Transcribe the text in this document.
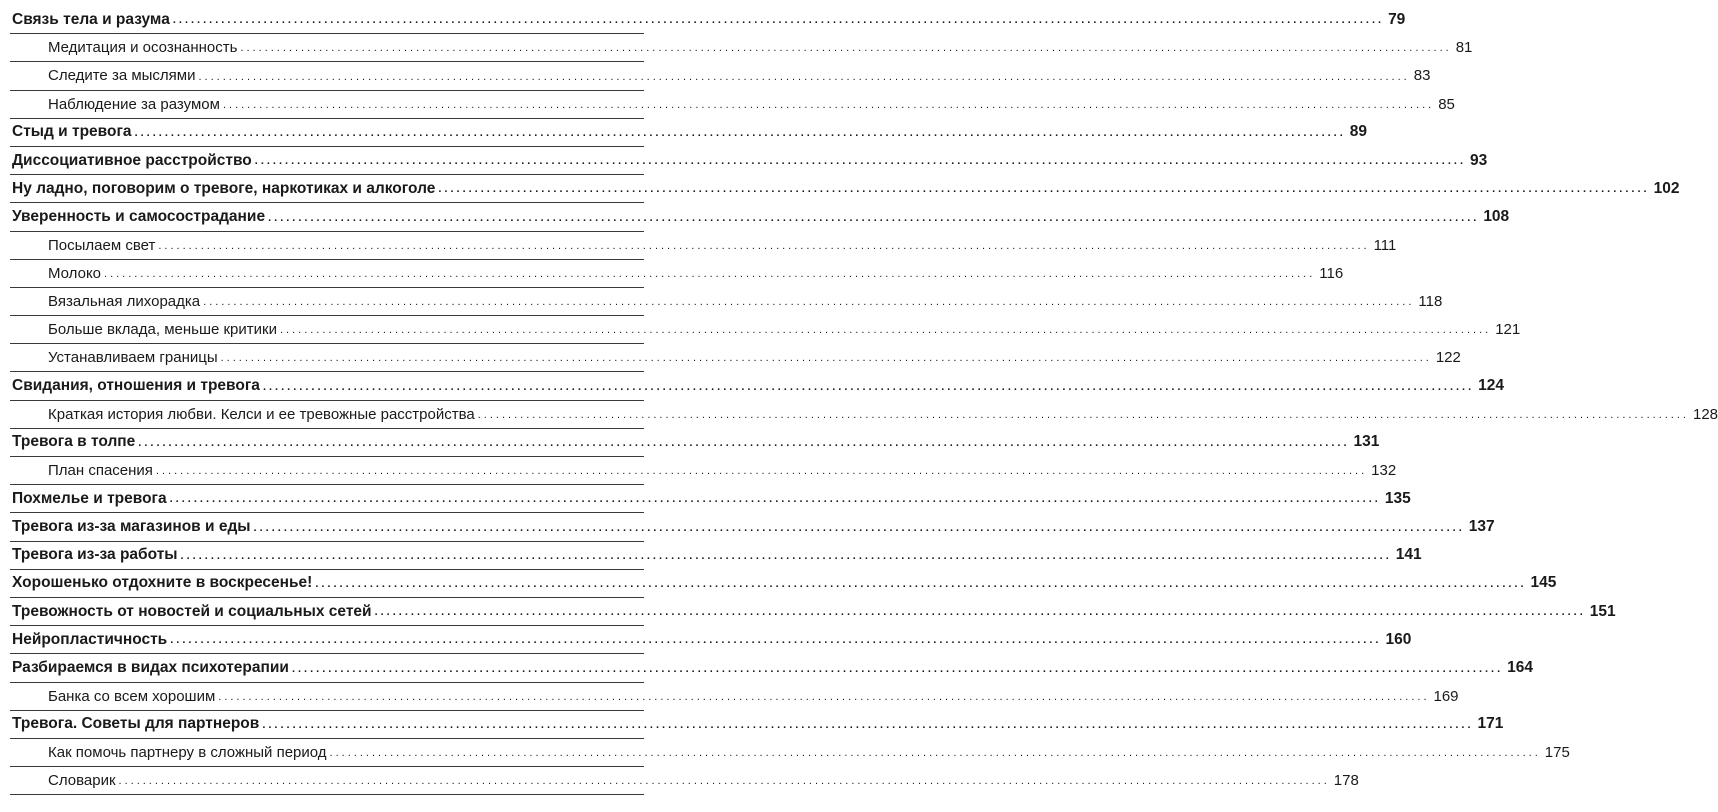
Связь тела и разума ........................................................................................................................................................................................................ 79
Медитация и осознанность ........................................................................................................................................................................................................ 81
Следите за мыслями ........................................................................................................................................................................................................ 83
Наблюдение за разумом ........................................................................................................................................................................................................ 85
Стыд и тревога ........................................................................................................................................................................................................ 89
Диссоциативное расстройство ........................................................................................................................................................................................................ 93
Ну ладно, поговорим о тревоге, наркотиках и алкоголе ........................................................................................................................................................................................................ 102
Уверенность и самосострадание ........................................................................................................................................................................................................ 108
Посылаем свет ........................................................................................................................................................................................................ 111
Молоко ........................................................................................................................................................................................................ 116
Вязальная лихорадка ........................................................................................................................................................................................................ 118
Больше вклада, меньше критики ........................................................................................................................................................................................................ 121
Устанавливаем границы ........................................................................................................................................................................................................ 122
Свидания, отношения и тревога ........................................................................................................................................................................................................ 124
Краткая история любви. Келси и ее тревожные расстройства ........................................................................................................................................................................................................ 128
Тревога в толпе ........................................................................................................................................................................................................ 131
План спасения ........................................................................................................................................................................................................ 132
Похмелье и тревога ........................................................................................................................................................................................................ 135
Тревога из-за магазинов и еды ........................................................................................................................................................................................................ 137
Тревога из-за работы ........................................................................................................................................................................................................ 141
Хорошенько отдохните в воскресенье! ........................................................................................................................................................................................................ 145
Тревожность от новостей и социальных сетей ........................................................................................................................................................................................................ 151
Нейропластичность ........................................................................................................................................................................................................ 160
Разбираемся в видах психотерапии ........................................................................................................................................................................................................ 164
Банка со всем хорошим ........................................................................................................................................................................................................ 169
Тревога. Советы для партнеров ........................................................................................................................................................................................................ 171
Как помочь партнеру в сложный период ........................................................................................................................................................................................................ 175
Словарик ........................................................................................................................................................................................................ 178
